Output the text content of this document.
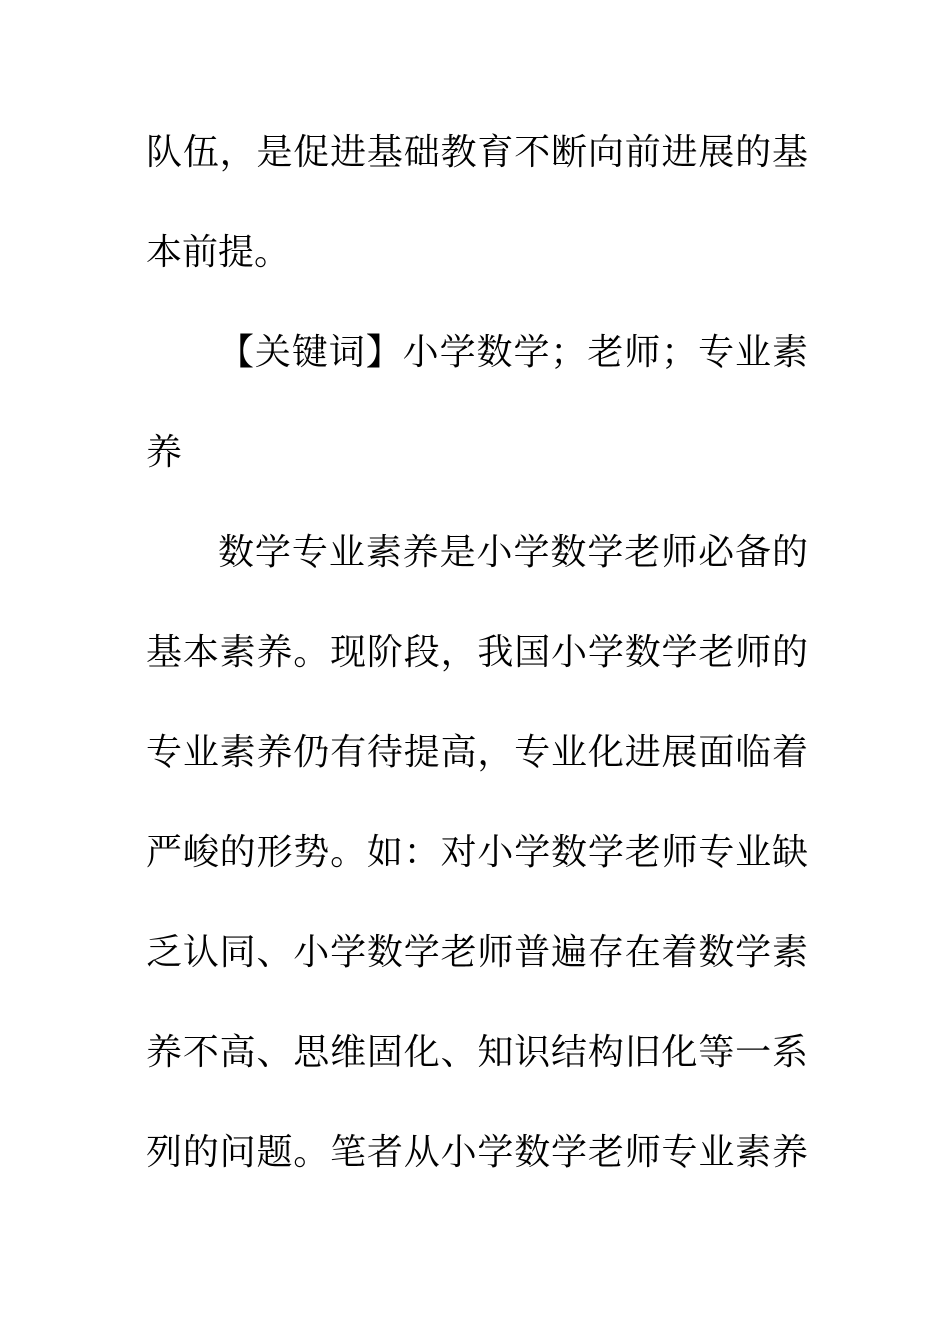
队伍，是促进基础教育不断向前进展的基
本前提。
【关键词】小学数学；老师；专业素
养
数学专业素养是小学数学老师必备的
基本素养。现阶段，我国小学数学老师的
专业素养仍有待提高，专业化进展面临着
严峻的形势。如：对小学数学老师专业缺
乏认同、小学数学老师普遍存在着数学素
养不高、思维固化、知识结构旧化等一系
列的问题。笔者从小学数学老师专业素养
